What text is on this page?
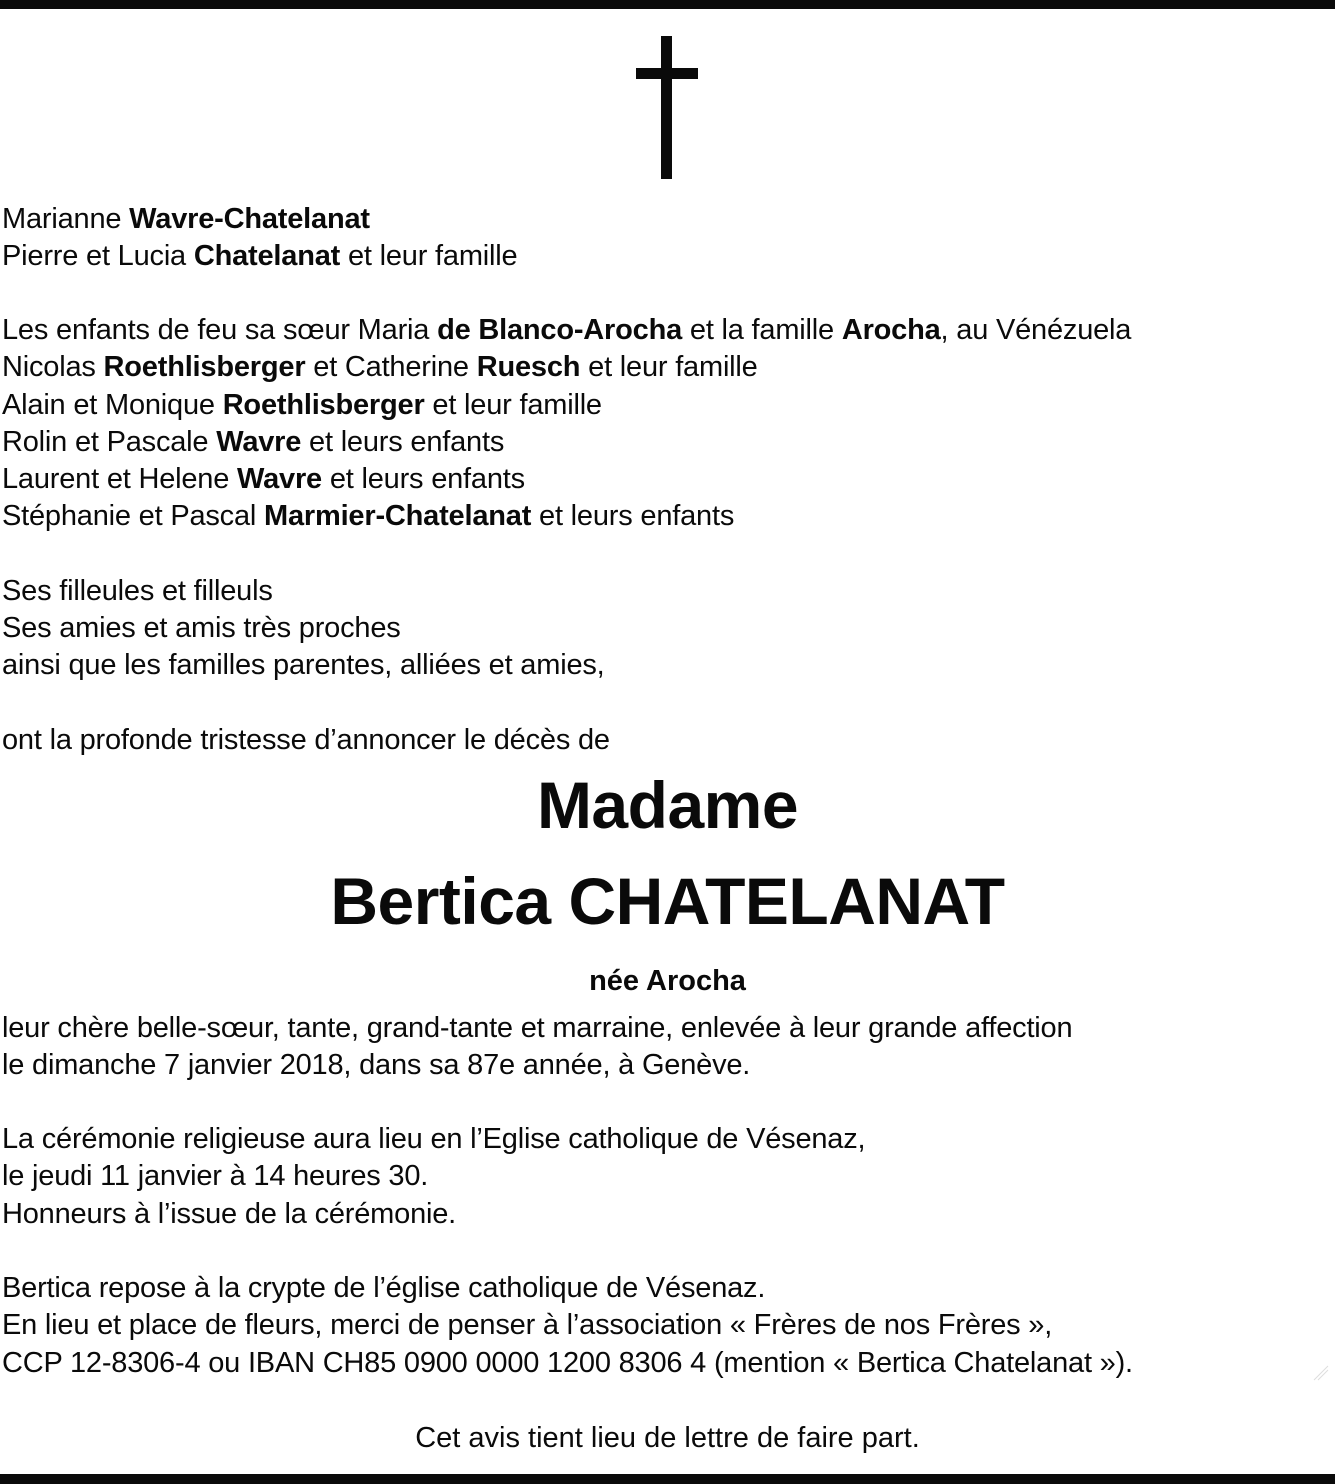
Marianne Wavre-Chatelanat
Pierre et Lucia Chatelanat et leur famille
Les enfants de feu sa sœur Maria de Blanco-Arocha et la famille Arocha, au Vénézuela
Nicolas Roethlisberger et Catherine Ruesch et leur famille
Alain et Monique Roethlisberger et leur famille
Rolin et Pascale Wavre et leurs enfants
Laurent et Helene Wavre et leurs enfants
Stéphanie et Pascal Marmier-Chatelanat et leurs enfants
Ses filleules et filleuls
Ses amies et amis très proches
ainsi que les familles parentes, alliées et amies,
ont la profonde tristesse d’annoncer le décès de
Madame
Bertica CHATELANAT
née Arocha
leur chère belle-sœur, tante, grand-tante et marraine, enlevée à leur grande affection
le dimanche 7 janvier 2018, dans sa 87e année, à Genève.
La cérémonie religieuse aura lieu en l’Eglise catholique de Vésenaz,
le jeudi 11 janvier à 14 heures 30.
Honneurs à l’issue de la cérémonie.
Bertica repose à la crypte de l’église catholique de Vésenaz.
En lieu et place de fleurs, merci de penser à l’association « Frères de nos Frères »,
CCP 12-8306-4 ou IBAN CH85 0900 0000 1200 8306 4 (mention « Bertica Chatelanat »).
Cet avis tient lieu de lettre de faire part.
